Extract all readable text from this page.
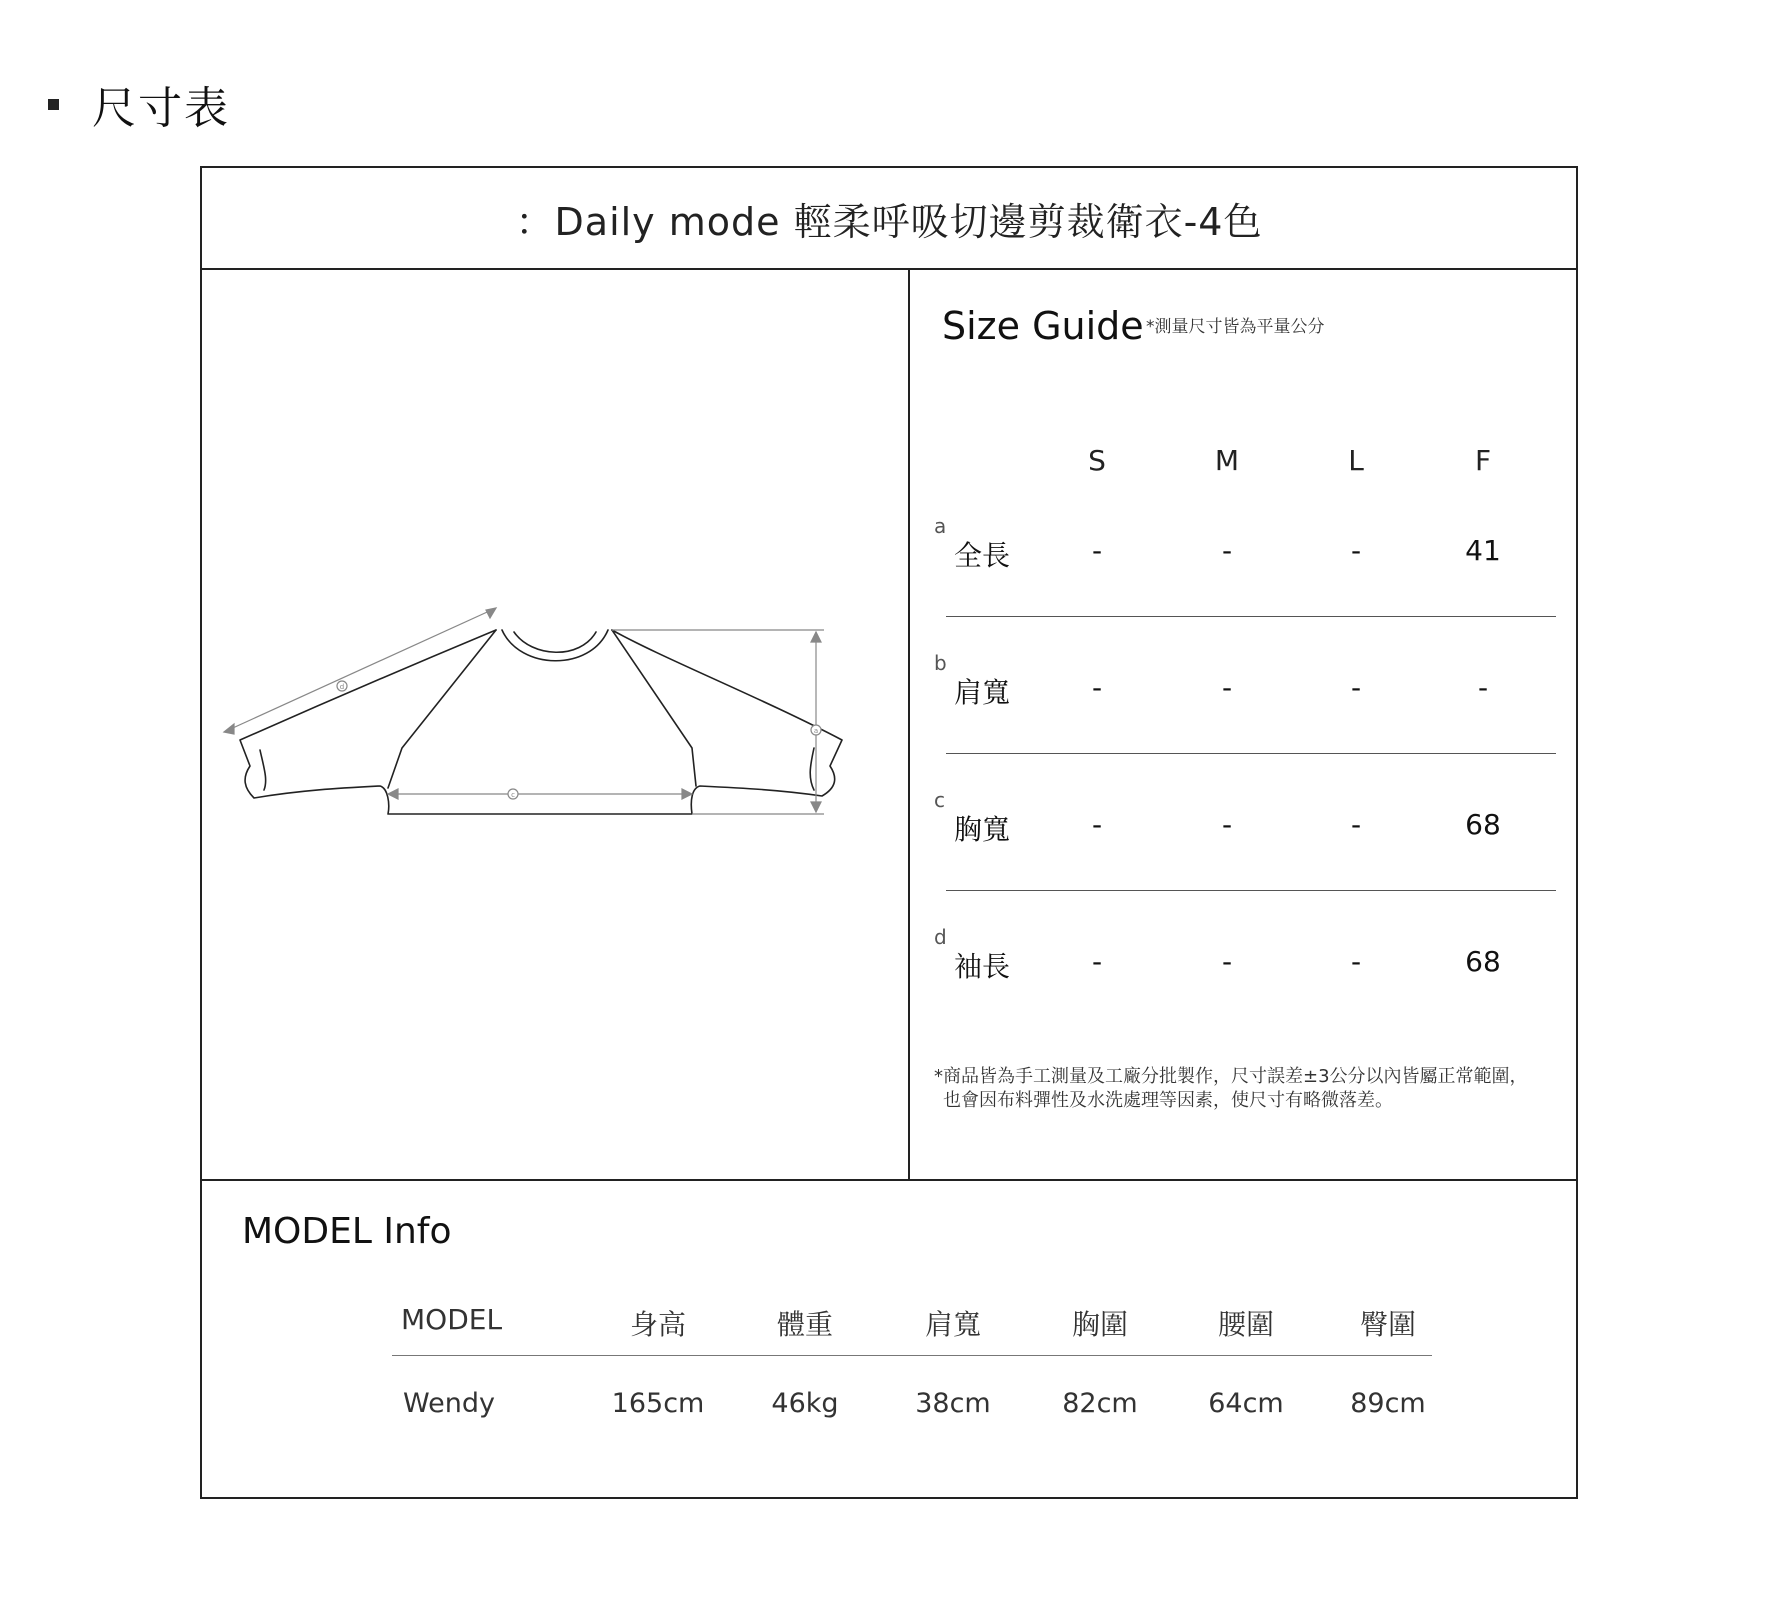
尺寸表
：Daily mode 輕柔呼吸切邊剪裁衛衣-4色
d
a
c
Size Guide *測量尺寸皆為平量公分
S	M	L	F
a
全長	-	-	-	41
b
肩寬	-	-	-	-
c
胸寬	-	-	-	68
d
袖長	-	-	-	68
*商品皆為手工測量及工廠分批製作，尺寸誤差±3公分以內皆屬正常範圍，
也會因布料彈性及水洗處理等因素，使尺寸有略微落差。
MODEL Info
MODEL	身高	體重	肩寬	胸圍	腰圍	臀圍
Wendy	165cm	46kg	38cm	82cm	64cm	89cm
